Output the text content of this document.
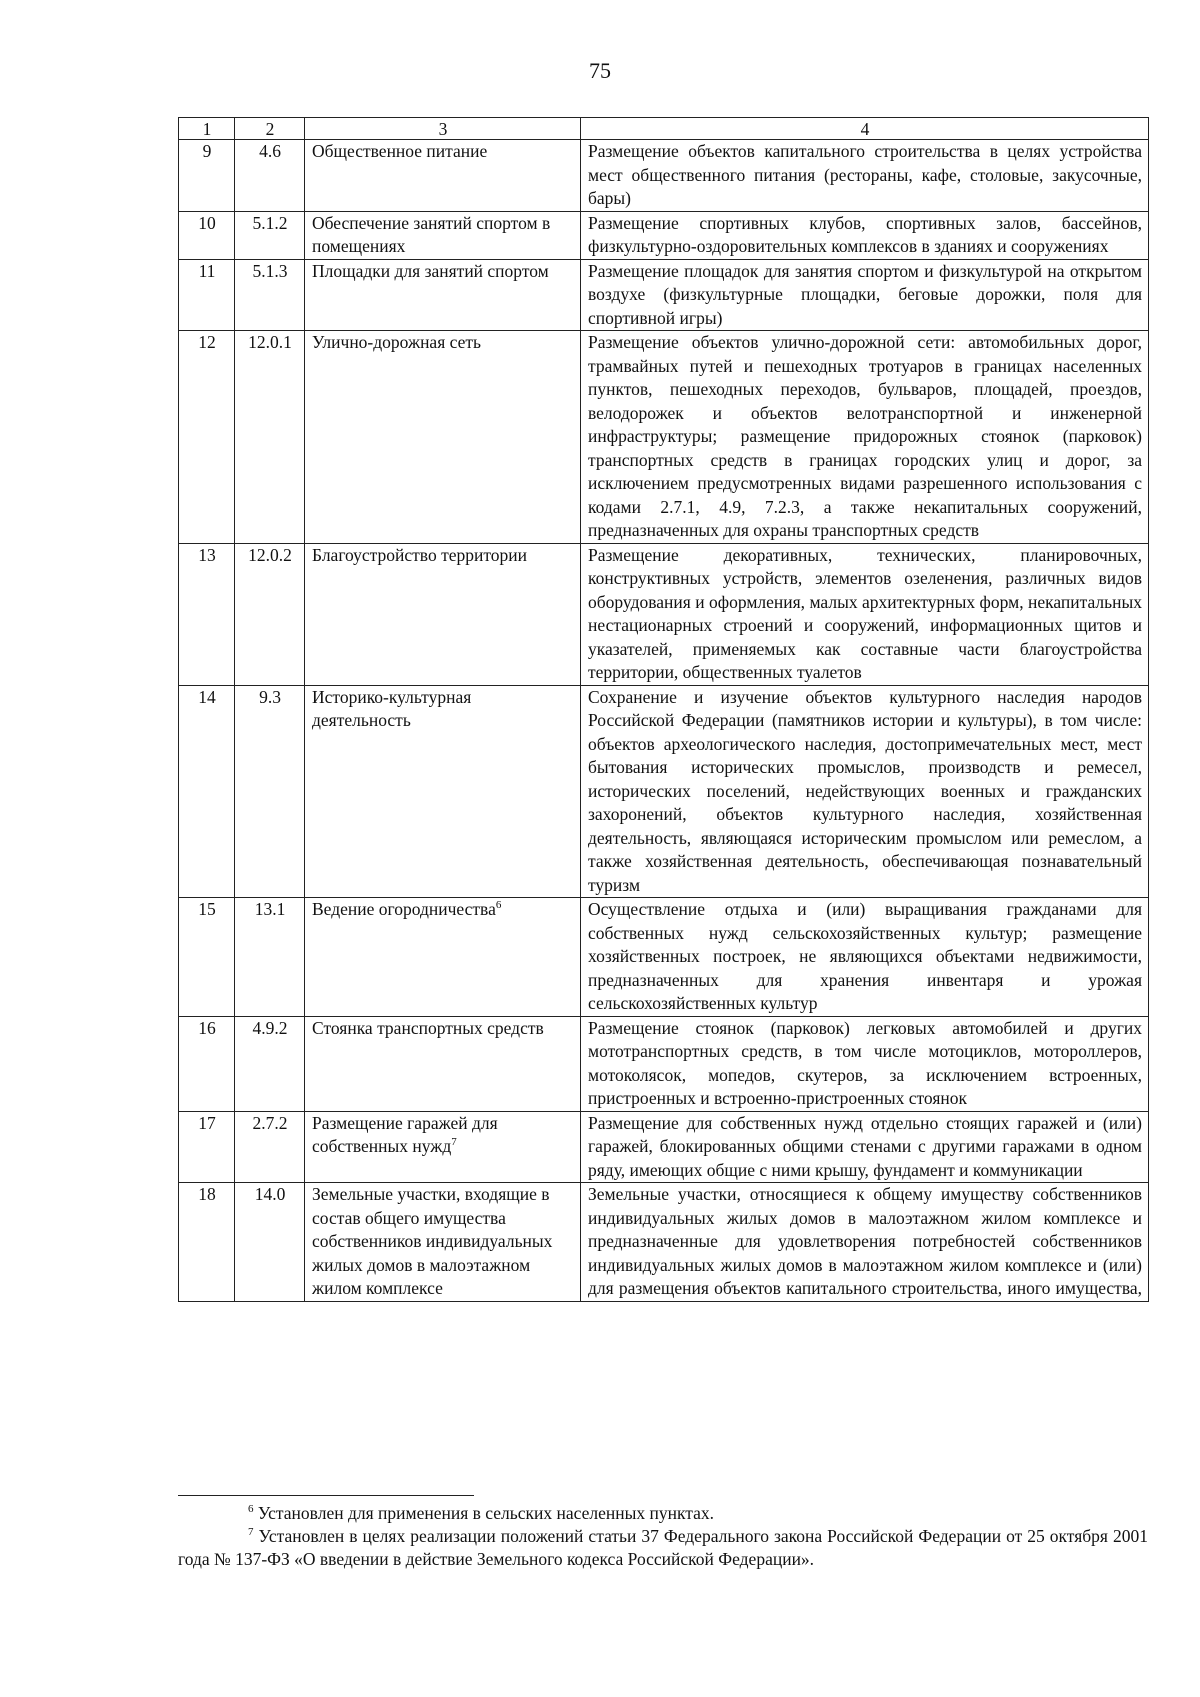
75
1	2	3	4
9	4.6	Общественное питание	Размещение объектов капитального строительства в целях устройства мест общественного питания (рестораны, кафе, столовые, закусочные, бары)
10	5.1.2	Обеспечение занятий спортом в помещениях	Размещение спортивных клубов, спортивных залов, бассейнов, физкультурно-оздоровительных комплексов в зданиях и сооружениях
11	5.1.3	Площадки для занятий спортом	Размещение площадок для занятия спортом и физкультурой на открытом воздухе (физкультурные площадки, беговые дорожки, поля для спортивной игры)
12	12.0.1	Улично-дорожная сеть	Размещение объектов улично-дорожной сети: автомобильных дорог, трамвайных путей и пешеходных тротуаров в границах населенных пунктов, пешеходных переходов, бульваров, площадей, проездов, велодорожек и объектов велотранспортной и инженерной инфраструктуры; размещение придорожных стоянок (парковок) транспортных средств в границах городских улиц и дорог, за исключением предусмотренных видами разрешенного использования с кодами 2.7.1, 4.9, 7.2.3, а также некапитальных сооружений, предназначенных для охраны транспортных средств
13	12.0.2	Благоустройство территории	Размещение декоративных, технических, планировочных, конструктивных устройств, элементов озеленения, различных видов оборудования и оформления, малых архитектурных форм, некапитальных нестационарных строений и сооружений, информационных щитов и указателей, применяемых как составные части благоустройства территории, общественных туалетов
14	9.3	Историко-культурная деятельность	Сохранение и изучение объектов культурного наследия народов Российской Федерации (памятников истории и культуры), в том числе: объектов археологического наследия, достопримечательных мест, мест бытования исторических промыслов, производств и ремесел, исторических поселений, недействующих военных и гражданских захоронений, объектов культурного наследия, хозяйственная деятельность, являющаяся историческим промыслом или ремеслом, а также хозяйственная деятельность, обеспечивающая познавательный туризм
15	13.1	Ведение огородничества$^6$	Осуществление отдыха и (или) выращивания гражданами для собственных нужд сельскохозяйственных культур; размещение хозяйственных построек, не являющихся объектами недвижимости, предназначенных для хранения инвентаря и урожая сельскохозяйственных культур
16	4.9.2	Стоянка транспортных средств	Размещение стоянок (парковок) легковых автомобилей и других мототранспортных средств, в том числе мотоциклов, мотороллеров, мотоколясок, мопедов, скутеров, за исключением встроенных, пристроенных и встроенно-пристроенных стоянок
17	2.7.2	Размещение гаражей для собственных нужд$^7$	Размещение для собственных нужд отдельно стоящих гаражей и (или) гаражей, блокированных общими стенами с другими гаражами в одном ряду, имеющих общие с ними крышу, фундамент и коммуникации
18	14.0	Земельные участки, входящие в состав общего имущества собственников индивидуальных жилых домов в малоэтажном жилом комплексе	Земельные участки, относящиеся к общему имуществу собственников индивидуальных жилых домов в малоэтажном жилом комплексе и предназначенные для удовлетворения потребностей собственников индивидуальных жилых домов в малоэтажном жилом комплексе и (или) для размещения объектов капитального строительства, иного имущества,

$^6$ Установлен для применения в сельских населенных пунктах.

$^7$ Установлен в целях реализации положений статьи 37 Федерального закона Российской Федерации от 25 октября 2001 года № 137-ФЗ «О введении в действие Земельного кодекса Российской Федерации».
